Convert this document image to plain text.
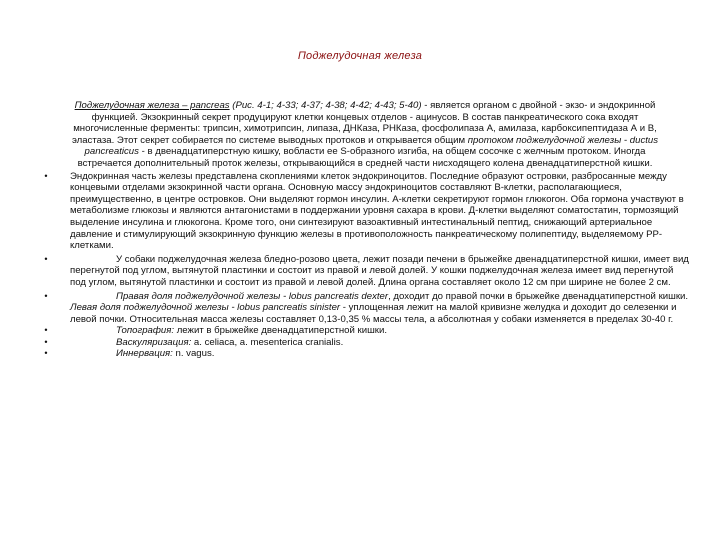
Поджелудочная железа

Поджелудочная железа – pancreas (Рис. 4-1; 4-33; 4-37; 4-38; 4-42; 4-43; 5-40) - является органом с двойной - экзо- и эндокринной функцией. Экзокринный секрет продуцируют клетки концевых отделов - ацинусов. В состав панкреатического сока входят многочисленные ферменты: трипсин, химотрипсин, липаза, ДНКаза, РНКаза, фосфолипаза А, амилаза, карбоксипептидаза А и В, эластаза. Этот секрет собирается по системе выводных протоков и открывается общим протоком поджелудочной железы - ductus pancreaticus - в двенадцатиперстную кишку, вобласти ее S-образного изгиба, на общем сосочке с желчным протоком. Иногда встречается дополнительный проток железы, открывающийся в средней части нисходящего колена двенадцатиперстной кишки.

•	Эндокринная часть железы представлена скоплениями клеток эндокриноцитов. Последние образуют островки, разбросанные между концевыми отделами экзокринной части органа. Основную массу эндокриноцитов составляют В-клетки, располагающиеся, преимущественно, в центре островков. Они выделяют гормон инсулин. А-клетки секретируют гормон глюкогон. Оба гормона участвуют в метаболизме глюкозы и являются антагонистами в поддержании уровня сахара в крови. Д-клетки выделяют соматостатин, тормозящий выделение инсулина и глюкогона. Кроме того, они синтезируют вазоактивный интестинальный пептид, снижающий артериальное давление и стимулирующий экзокринную функцию железы в противоположность панкреатическому полипептиду, выделяемому РР-клетками.
•	У собаки поджелудочная железа бледно-розово цвета, лежит позади печени в брыжейке двенадцатиперстной кишки, имеет вид перегнутой под углом, вытянутой пластинки и состоит из правой и левой долей. У кошки поджелудочная железа имеет вид перегнутой под углом, вытянутой пластинки и состоит из правой и левой долей. Длина органа составляет около 12 см при ширине не более 2 см.
•	Правая доля поджелудочной железы - lobus pancreatis dexter, доходит до правой почки в брыжейке двенадцатиперстной кишки. Левая доля поджелудочной железы - lobus pancreatis sinister - уплощенная лежит на малой кривизне желудка и доходит до селезенки и левой почки. Относительная масса железы составляет 0,13-0,35 % массы тела, а абсолютная у собаки изменяется в пределах 30-40 г.
•	Топография: лежит в брыжейке двенадцатиперстной кишки.
•	Васкуляризация: a. celiaca, a. mesenterica cranialis.
•	Иннервация: n. vagus.
